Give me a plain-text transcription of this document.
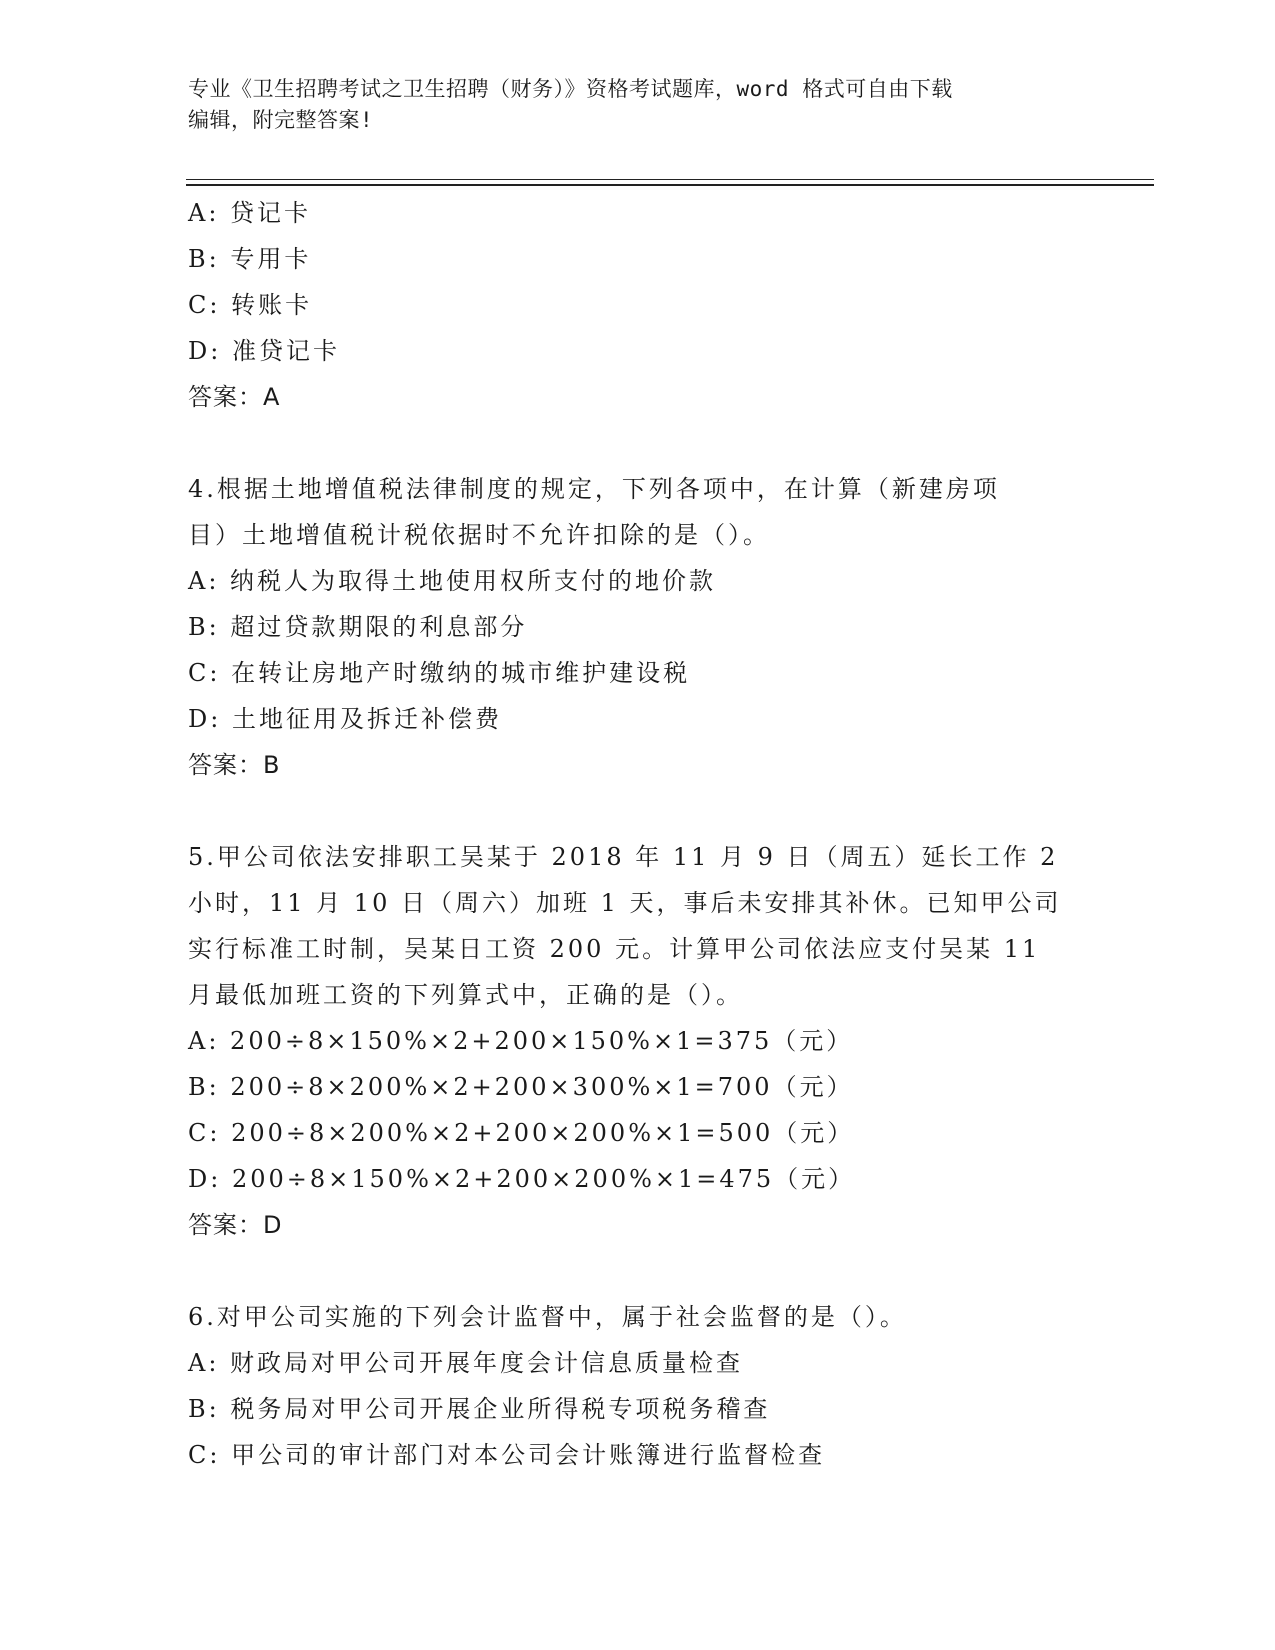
专业《卫生招聘考试之卫生招聘（财务）》资格考试题库，word 格式可自由下载
编辑，附完整答案!
A: 贷记卡
B: 专用卡
C: 转账卡
D: 准贷记卡
答案：A
4.根据土地增值税法律制度的规定，下列各项中，在计算（新建房项
目）土地增值税计税依据时不允许扣除的是（）。
A: 纳税人为取得土地使用权所支付的地价款
B: 超过贷款期限的利息部分
C: 在转让房地产时缴纳的城市维护建设税
D: 土地征用及拆迁补偿费
答案：B
5.甲公司依法安排职工吴某于 2018 年 11 月 9 日（周五）延长工作 2
小时，11 月 10 日（周六）加班 1 天，事后未安排其补休。已知甲公司
实行标准工时制，吴某日工资 200 元。计算甲公司依法应支付吴某 11
月最低加班工资的下列算式中，正确的是（）。
A: 200÷8×150%×2+200×150%×1=375（元）
B: 200÷8×200%×2+200×300%×1=700（元）
C: 200÷8×200%×2+200×200%×1=500（元）
D: 200÷8×150%×2+200×200%×1=475（元）
答案：D
6.对甲公司实施的下列会计监督中，属于社会监督的是（）。
A: 财政局对甲公司开展年度会计信息质量检查
B: 税务局对甲公司开展企业所得税专项税务稽查
C: 甲公司的审计部门对本公司会计账簿进行监督检查
